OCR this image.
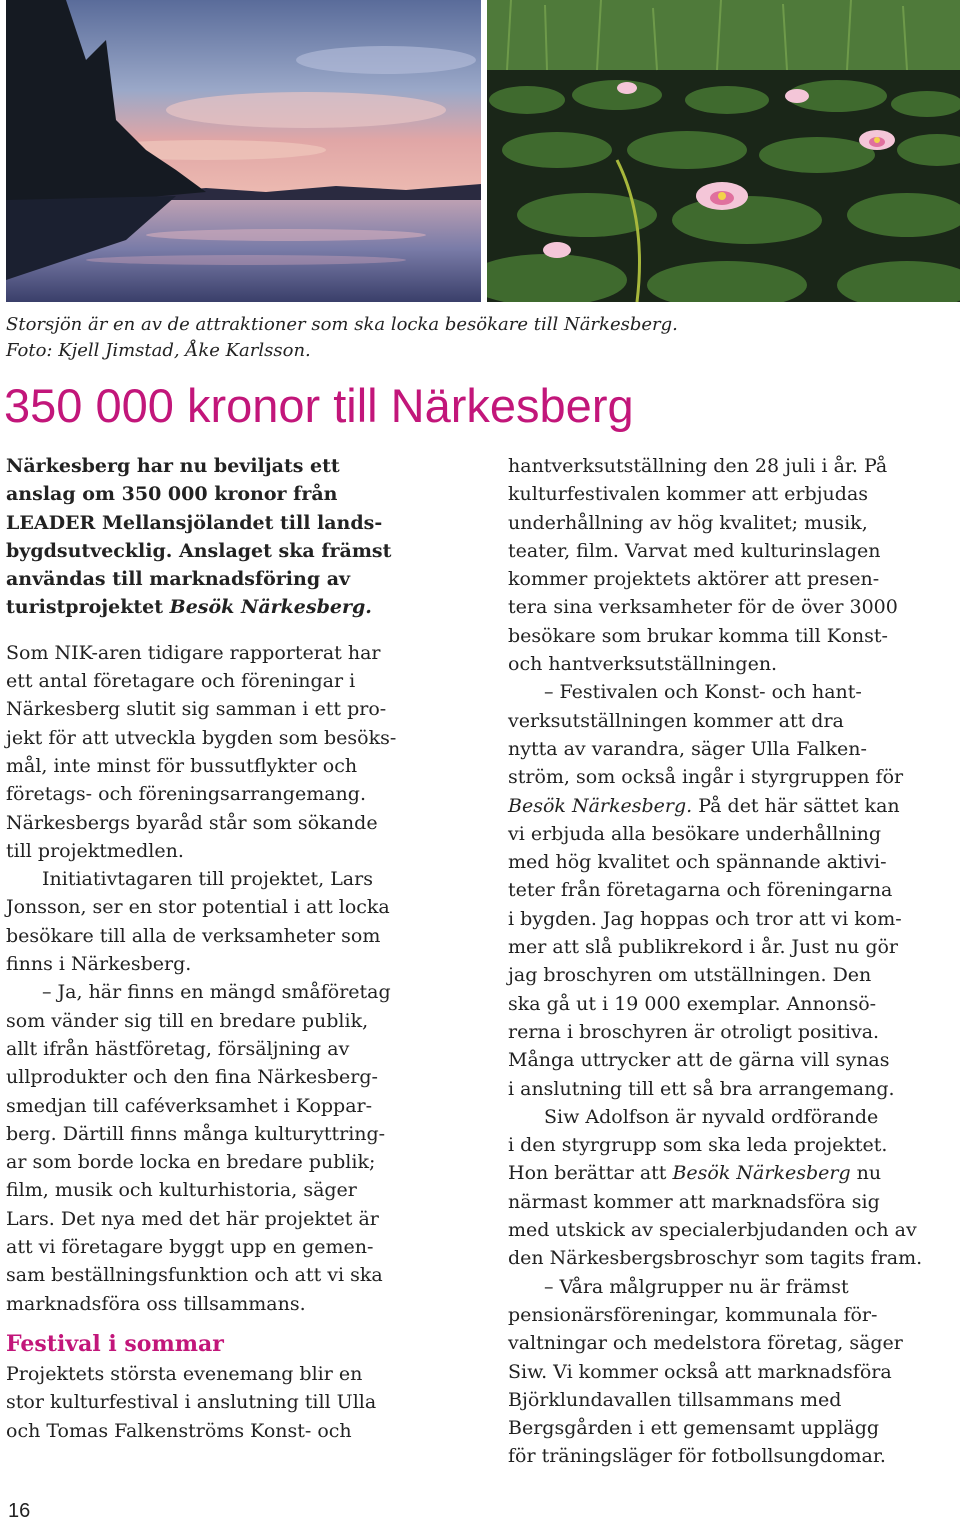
Storsjön är en av de attraktioner som ska locka besökare till Närkesberg.
Foto: Kjell Jimstad, Åke Karlsson.
350 000 kronor till Närkesberg

Närkesberg har nu beviljats ett
anslag om 350 000 kronor från
LEADER Mellansjölandet till lands-
bygdsutvecklig. Anslaget ska främst
användas till marknadsföring av
turistprojektet Besök Närkesberg.

Som NIK-aren tidigare rapporterat har
ett antal företagare och föreningar i
Närkesberg slutit sig samman i ett pro-
jekt för att utveckla bygden som besöks-
mål, inte minst för bussutflykter och
företags- och föreningsarrangemang.
Närkesbergs byaråd står som sökande
till projektmedlen.

Initiativtagaren till projektet, Lars
Jonsson, ser en stor potential i att locka
besökare till alla de verksamheter som
finns i Närkesberg.

– Ja, här finns en mängd småföretag
som vänder sig till en bredare publik,
allt ifrån hästföretag, försäljning av
ullprodukter och den fina Närkesberg-
smedjan till caféverksamhet i Koppar-
berg. Därtill finns många kulturyttring-
ar som borde locka en bredare publik;
film, musik och kulturhistoria, säger
Lars. Det nya med det här projektet är
att vi företagare byggt upp en gemen-
sam beställningsfunktion och att vi ska
marknadsföra oss tillsammans.

Festival i sommar

Projektets största evenemang blir en
stor kulturfestival i anslutning till Ulla
och Tomas Falkenströms Konst- och

hantverksutställning den 28 juli i år. På
kulturfestivalen kommer att erbjudas
underhållning av hög kvalitet; musik,
teater, film. Varvat med kulturinslagen
kommer projektets aktörer att presen-
tera sina verksamheter för de över 3000
besökare som brukar komma till Konst-
och hantverksutställningen.

– Festivalen och Konst- och hant-
verksutställningen kommer att dra
nytta av varandra, säger Ulla Falken-
ström, som också ingår i styrgruppen för
Besök Närkesberg. På det här sättet kan
vi erbjuda alla besökare underhållning
med hög kvalitet och spännande aktivi-
teter från företagarna och föreningarna
i bygden. Jag hoppas och tror att vi kom-
mer att slå publikrekord i år. Just nu gör
jag broschyren om utställningen. Den
ska gå ut i 19 000 exemplar. Annonsö-
rerna i broschyren är otroligt positiva.
Många uttrycker att de gärna vill synas
i anslutning till ett så bra arrangemang.

Siw Adolfson är nyvald ordförande
i den styrgrupp som ska leda projektet.
Hon berättar att Besök Närkesberg nu
närmast kommer att marknadsföra sig
med utskick av specialerbjudanden och av
den Närkesbergsbroschyr som tagits fram.

– Våra målgrupper nu är främst
pensionärsföreningar, kommunala för-
valtningar och medelstora företag, säger
Siw. Vi kommer också att marknadsföra
Björklundavallen tillsammans med
Bergsgården i ett gemensamt upplägg
för träningsläger för fotbollsungdomar.

16
